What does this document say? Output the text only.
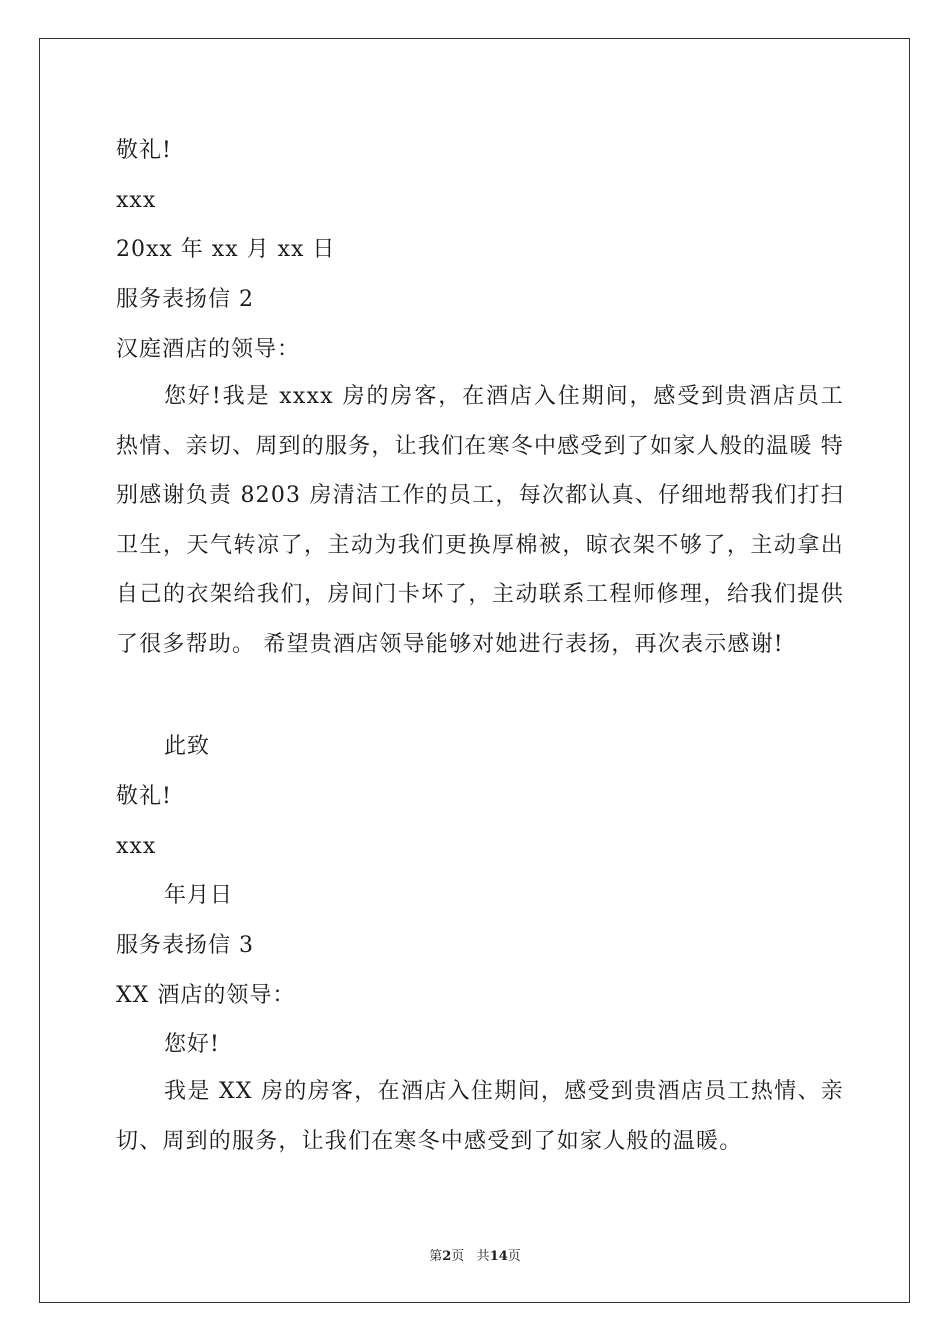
敬礼!
xxx
20xx 年 xx 月 xx 日
服务表扬信 2
汉庭酒店的领导：
您好!我是 xxxx 房的房客，在酒店入住期间，感受到贵酒店员工热情、亲切、周到的服务，让我们在寒冬中感受到了如家人般的温暖 特别感谢负责 8203 房清洁工作的员工，每次都认真、仔细地帮我们打扫卫生，天气转凉了，主动为我们更换厚棉被，晾衣架不够了，主动拿出自己的衣架给我们，房间门卡坏了，主动联系工程师修理，给我们提供了很多帮助。 希望贵酒店领导能够对她进行表扬，再次表示感谢!
此致
敬礼!
xxx
年月日
服务表扬信 3
XX 酒店的领导：
您好!
我是 XX 房的房客，在酒店入住期间，感受到贵酒店员工热情、亲切、周到的服务，让我们在寒冬中感受到了如家人般的温暖。
第2页 共14页
